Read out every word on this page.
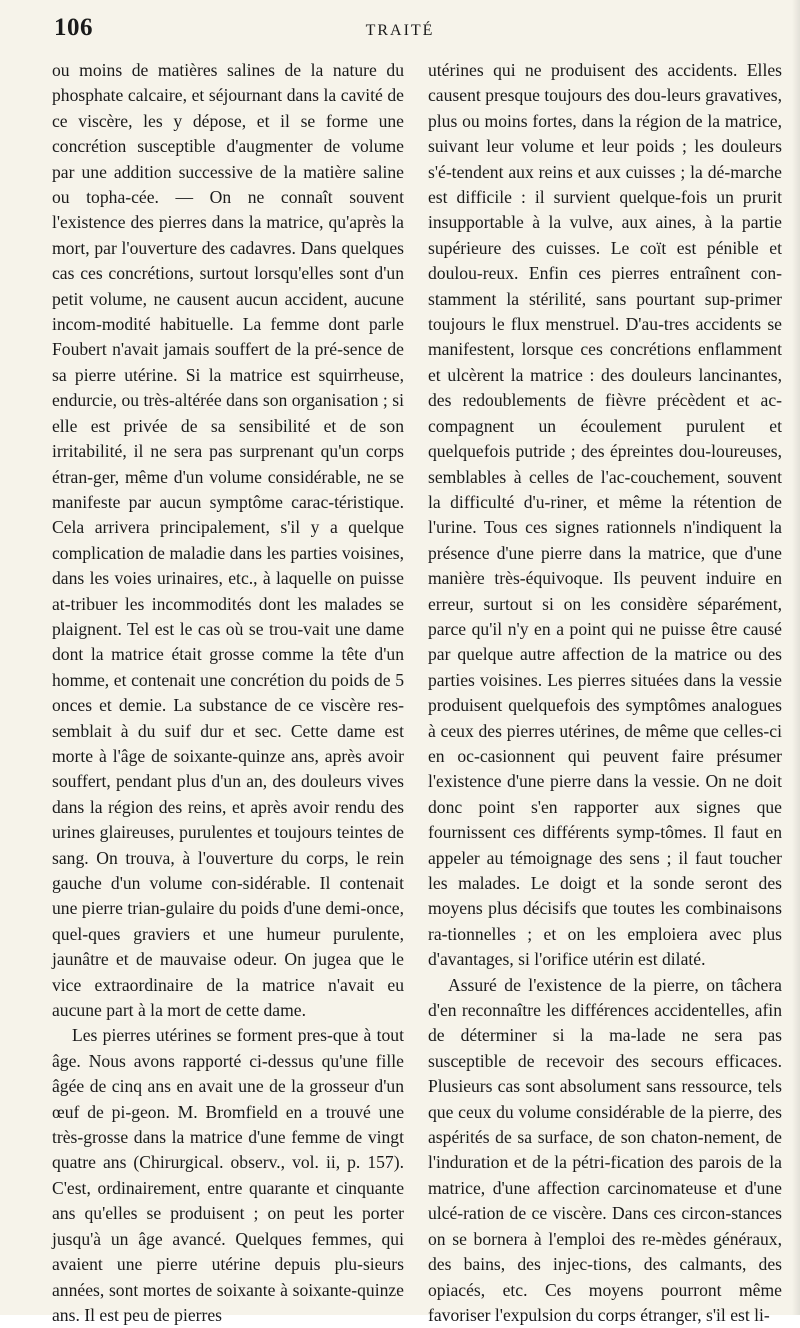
106	TRAITÉ

ou moins de matières salines de la nature du phosphate calcaire, et séjournant dans la cavité de ce viscère, les y dépose, et il se forme une concrétion susceptible d'augmenter de volume par une addition successive de la matière saline ou topha-cée. — On ne connaît souvent l'existence des pierres dans la matrice, qu'après la mort, par l'ouverture des cadavres. Dans quelques cas ces concrétions, surtout lorsqu'elles sont d'un petit volume, ne causent aucun accident, aucune incom-modité habituelle. La femme dont parle Foubert n'avait jamais souffert de la pré-sence de sa pierre utérine. Si la matrice est squirrheuse, endurcie, ou très-altérée dans son organisation ; si elle est privée de sa sensibilité et de son irritabilité, il ne sera pas surprenant qu'un corps étran-ger, même d'un volume considérable, ne se manifeste par aucun symptôme carac-téristique. Cela arrivera principalement, s'il y a quelque complication de maladie dans les parties voisines, dans les voies urinaires, etc., à laquelle on puisse at-tribuer les incommodités dont les malades se plaignent. Tel est le cas où se trou-vait une dame dont la matrice était grosse comme la tête d'un homme, et contenait une concrétion du poids de 5 onces et demie. La substance de ce viscère res-semblait à du suif dur et sec. Cette dame est morte à l'âge de soixante-quinze ans, après avoir souffert, pendant plus d'un an, des douleurs vives dans la région des reins, et après avoir rendu des urines glaireuses, purulentes et toujours teintes de sang. On trouva, à l'ouverture du corps, le rein gauche d'un volume con-sidérable. Il contenait une pierre trian-gulaire du poids d'une demi-once, quel-ques graviers et une humeur purulente, jaunâtre et de mauvaise odeur. On jugea que le vice extraordinaire de la matrice n'avait eu aucune part à la mort de cette dame.

Les pierres utérines se forment pres-que à tout âge. Nous avons rapporté ci-dessus qu'une fille âgée de cinq ans en avait une de la grosseur d'un œuf de pi-geon. M. Bromfield en a trouvé une très-grosse dans la matrice d'une femme de vingt quatre ans (Chirurgical. observ., vol. ii, p. 157). C'est, ordinairement, entre quarante et cinquante ans qu'elles se produisent ; on peut les porter jusqu'à un âge avancé. Quelques femmes, qui avaient une pierre utérine depuis plu-sieurs années, sont mortes de soixante à soixante-quinze ans. Il est peu de pierres

utérines qui ne produisent des accidents. Elles causent presque toujours des dou-leurs gravatives, plus ou moins fortes, dans la région de la matrice, suivant leur volume et leur poids ; les douleurs s'é-tendent aux reins et aux cuisses ; la dé-marche est difficile : il survient quelque-fois un prurit insupportable à la vulve, aux aines, à la partie supérieure des cuisses. Le coït est pénible et doulou-reux. Enfin ces pierres entraînent con-stamment la stérilité, sans pourtant sup-primer toujours le flux menstruel. D'au-tres accidents se manifestent, lorsque ces concrétions enflamment et ulcèrent la matrice : des douleurs lancinantes, des redoublements de fièvre précèdent et ac-compagnent un écoulement purulent et quelquefois putride ; des épreintes dou-loureuses, semblables à celles de l'ac-couchement, souvent la difficulté d'u-riner, et même la rétention de l'urine. Tous ces signes rationnels n'indiquent la présence d'une pierre dans la matrice, que d'une manière très-équivoque. Ils peuvent induire en erreur, surtout si on les considère séparément, parce qu'il n'y en a point qui ne puisse être causé par quelque autre affection de la matrice ou des parties voisines. Les pierres situées dans la vessie produisent quelquefois des symptômes analogues à ceux des pierres utérines, de même que celles-ci en oc-casionnent qui peuvent faire présumer l'existence d'une pierre dans la vessie. On ne doit donc point s'en rapporter aux signes que fournissent ces différents symp-tômes. Il faut en appeler au témoignage des sens ; il faut toucher les malades. Le doigt et la sonde seront des moyens plus décisifs que toutes les combinaisons ra-tionnelles ; et on les emploiera avec plus d'avantages, si l'orifice utérin est dilaté.

Assuré de l'existence de la pierre, on tâchera d'en reconnaître les différences accidentelles, afin de déterminer si la ma-lade ne sera pas susceptible de recevoir des secours efficaces. Plusieurs cas sont absolument sans ressource, tels que ceux du volume considérable de la pierre, des aspérités de sa surface, de son chaton-nement, de l'induration et de la pétri-fication des parois de la matrice, d'une affection carcinomateuse et d'une ulcé-ration de ce viscère. Dans ces circon-stances on se bornera à l'emploi des re-mèdes généraux, des bains, des injec-tions, des calmants, des opiacés, etc. Ces moyens pourront même favoriser l'expulsion du corps étranger, s'il est li-
